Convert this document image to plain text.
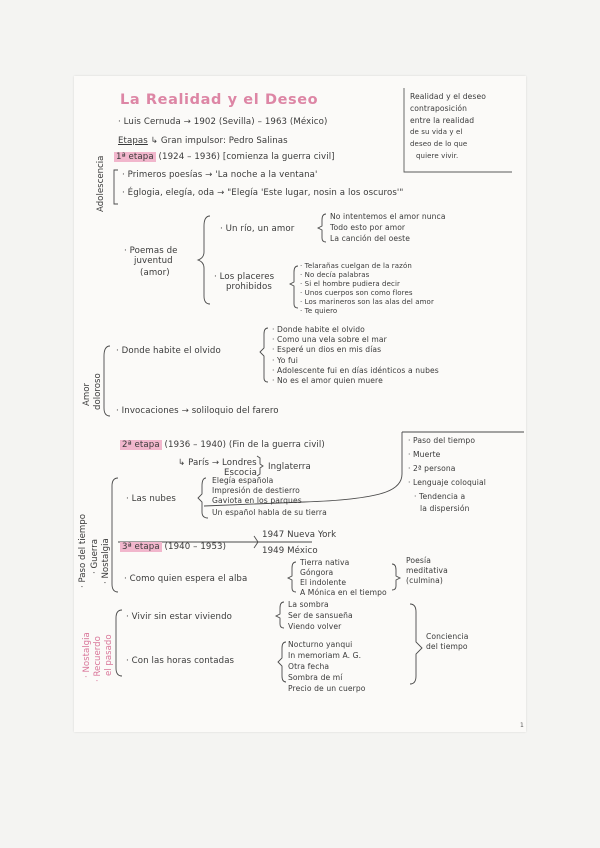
La Realidad y el Deseo	Realidad y el deseo
contraposición
entre la realidad
de su vida y el
deseo de lo que
quiere vivir.
· Luis Cernuda → 1902 (Sevilla) – 1963 (México)
Etapas ↳ Gran impulsor: Pedro Salinas
1ª etapa (1924 – 1936) [comienza la guerra civil]
· Primeros poesías → 'La noche a la ventana'
· Églogia, elegía, oda → "Elegía 'Este lugar, nosin a los oscuros'"
Adolescencia
· Poemas de
juventud
(amor)
· Un río, un amor
No intentemos el amor nunca
Todo esto por amor
La canción del oeste
· Los placeres
prohibidos
· Telarañas cuelgan de la razón
· No decía palabras
· Si el hombre pudiera decir
· Unos cuerpos son como flores
· Los marineros son las alas del amor
· Te quiero
Amor doloroso
· Donde habite el olvido
· Donde habite el olvido
· Como una vela sobre el mar
· Esperé un dios en mis días
· Yo fui
· Adolescente fui en días idénticos a nubes
· No es el amor quien muere
· Invocaciones → soliloquio del farero
2ª etapa (1936 – 1940) (Fin de la guerra civil)
↳ París → Londres
Escocia
Inglaterra
· Las nubes
Elegía española
Impresión de destierro
Gaviota en los parques
Un español habla de su tierra
· Paso del tiempo
· Muerte
· 2ª persona
· Lenguaje coloquial
· Tendencia a
la dispersión
· Paso del tiempo · Guerra · Nostalgia 3ª etapa (1940 – 1953)
1947 Nueva York
1949 México
· Como quien espera el alba
Tierra nativa
Góngora
El indolente
A Mónica en el tiempo
Poesía
meditativa
(culmina)
· Nostalgia · Recuerdo el pasado
· Vivir sin estar viviendo
La sombra
Ser de sansueña
Viendo volver
· Con las horas contadas
Nocturno yanqui
In memoriam A. G.
Otra fecha
Sombra de mí
Precio de un cuerpo
Conciencia
del tiempo
1
